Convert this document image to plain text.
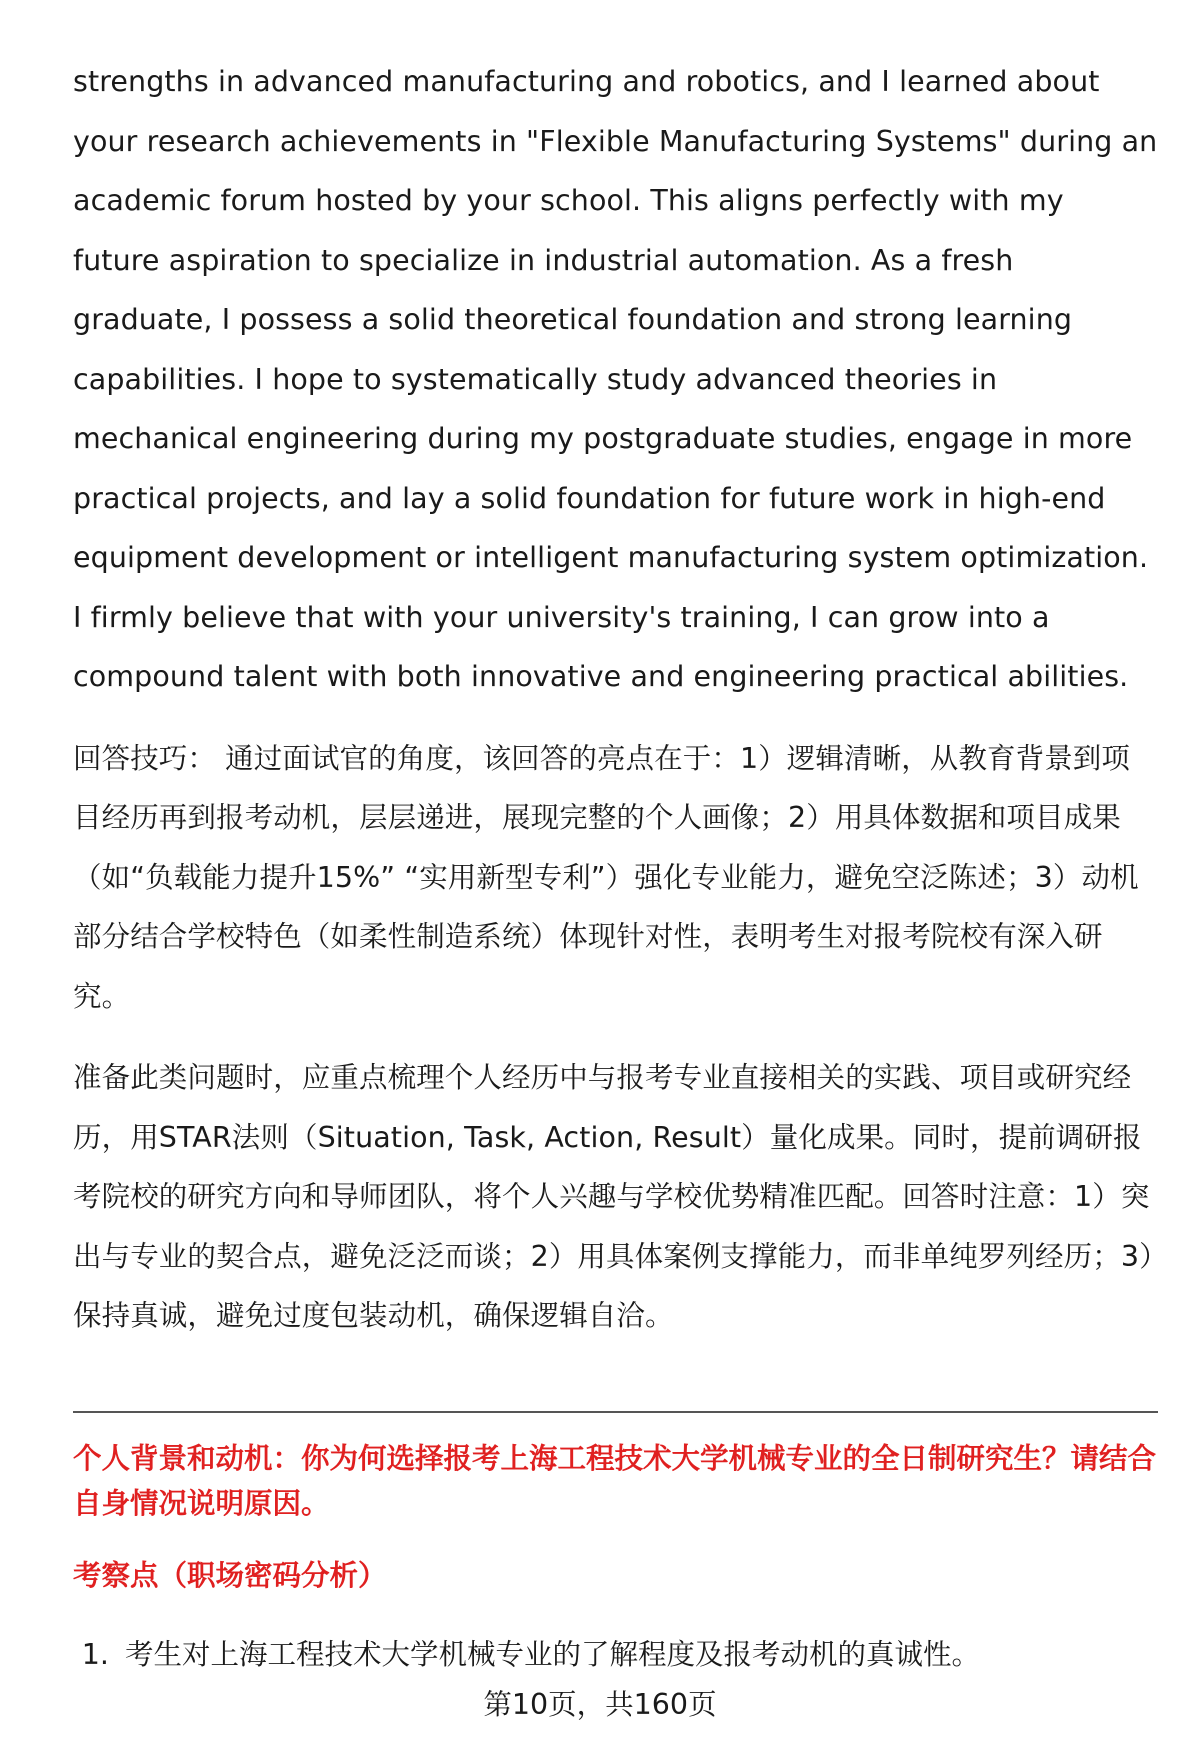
strengths in advanced manufacturing and robotics, and I learned about your research achievements in "Flexible Manufacturing Systems" during an academic forum hosted by your school. This aligns perfectly with my future aspiration to specialize in industrial automation. As a fresh graduate, I possess a solid theoretical foundation and strong learning capabilities. I hope to systematically study advanced theories in mechanical engineering during my postgraduate studies, engage in more practical projects, and lay a solid foundation for future work in high-end equipment development or intelligent manufacturing system optimization. I firmly believe that with your university's training, I can grow into a compound talent with both innovative and engineering practical abilities.

回答技巧： 通过面试官的角度，该回答的亮点在于：1）逻辑清晰，从教育背景到项目经历再到报考动机，层层递进，展现完整的个人画像；2）用具体数据和项目成果（如“负载能力提升15%” “实用新型专利”）强化专业能力，避免空泛陈述；3）动机部分结合学校特色（如柔性制造系统）体现针对性，表明考生对报考院校有深入研究。

准备此类问题时，应重点梳理个人经历中与报考专业直接相关的实践、项目或研究经历，用STAR法则（Situation, Task, Action, Result）量化成果。同时，提前调研报考院校的研究方向和导师团队，将个人兴趣与学校优势精准匹配。回答时注意：1）突出与专业的契合点，避免泛泛而谈；2）用具体案例支撑能力，而非单纯罗列经历；3）保持真诚，避免过度包装动机，确保逻辑自洽。

个人背景和动机：你为何选择报考上海工程技术大学机械专业的全日制研究生？请结合自身情况说明原因。

考察点（职场密码分析）

1. 考生对上海工程技术大学机械专业的了解程度及报考动机的真诚性。
第10页，共160页
